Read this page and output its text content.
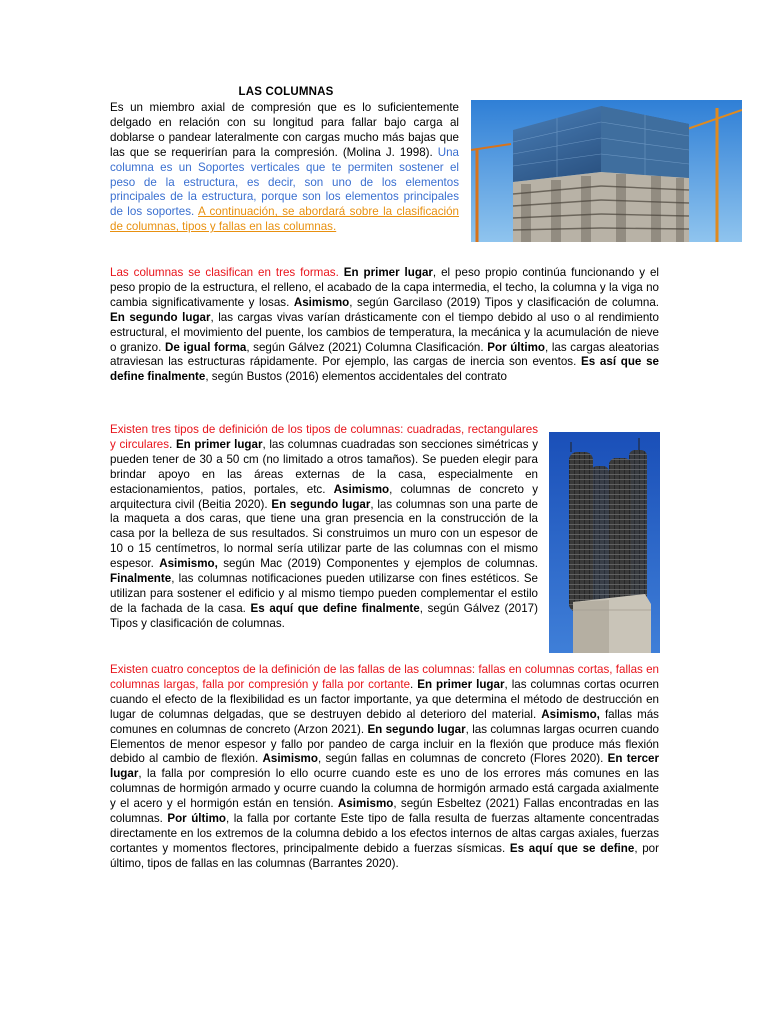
LAS COLUMNAS

Es un miembro axial de compresión que es lo suficientemente delgado en relación con su longitud para fallar bajo carga al doblarse o pandear lateralmente con cargas mucho más bajas que las que se requerirían para la compresión. (Molina J. 1998). Una columna es un Soportes verticales que te permiten sostener el peso de la estructura, es decir, son uno de los elementos principales de la estructura, porque son los elementos principales de los soportes. A continuación, se abordará sobre la clasificación de columnas, tipos y fallas en las columnas.

Las columnas se clasifican en tres formas. En primer lugar, el peso propio continúa funcionando y el peso propio de la estructura, el relleno, el acabado de la capa intermedia, el techo, la columna y la viga no cambia significativamente y losas. Asimismo, según Garcilaso (2019) Tipos y clasificación de columna. En segundo lugar, las cargas vivas varían drásticamente con el tiempo debido al uso o al rendimiento estructural, el movimiento del puente, los cambios de temperatura, la mecánica y la acumulación de nieve o granizo. De igual forma, según Gálvez (2021) Columna Clasificación. Por último, las cargas aleatorias atraviesan las estructuras rápidamente. Por ejemplo, las cargas de inercia son eventos. Es así que se define finalmente, según Bustos (2016) elementos accidentales del contrato

Existen tres tipos de definición de los tipos de columnas: cuadradas, rectangulares y circulares. En primer lugar, las columnas cuadradas son secciones simétricas y pueden tener de 30 a 50 cm (no limitado a otros tamaños). Se pueden elegir para brindar apoyo en las áreas externas de la casa, especialmente en estacionamientos, patios, portales, etc. Asimismo, columnas de concreto y arquitectura civil (Beitia 2020). En segundo lugar, las columnas son una parte de la maqueta a dos caras, que tiene una gran presencia en la construcción de la casa por la belleza de sus resultados. Si construimos un muro con un espesor de 10 o 15 centímetros, lo normal sería utilizar parte de las columnas con el mismo espesor. Asimismo, según Mac (2019) Componentes y ejemplos de columnas. Finalmente, las columnas notificaciones pueden utilizarse con fines estéticos. Se utilizan para sostener el edificio y al mismo tiempo pueden complementar el estilo de la fachada de la casa. Es aquí que define finalmente, según Gálvez (2017) Tipos y clasificación de columnas.

Existen cuatro conceptos de la definición de las fallas de las columnas: fallas en columnas cortas, fallas en columnas largas, falla por compresión y falla por cortante. En primer lugar, las columnas cortas ocurren cuando el efecto de la flexibilidad es un factor importante, ya que determina el método de destrucción en lugar de columnas delgadas, que se destruyen debido al deterioro del material. Asimismo, fallas más comunes en columnas de concreto (Arzon 2021). En segundo lugar, las columnas largas ocurren cuando Elementos de menor espesor y fallo por pandeo de carga incluir en la flexión que produce más flexión debido al cambio de flexión. Asimismo, según fallas en columnas de concreto (Flores 2020). En tercer lugar, la falla por compresión lo ello ocurre cuando este es uno de los errores más comunes en las columnas de hormigón armado y ocurre cuando la columna de hormigón armado está cargada axialmente y el acero y el hormigón están en tensión. Asimismo, según Esbeltez (2021) Fallas encontradas en las columnas. Por último, la falla por cortante Este tipo de falla resulta de fuerzas altamente concentradas directamente en los extremos de la columna debido a los efectos internos de altas cargas axiales, fuerzas cortantes y momentos flectores, principalmente debido a fuerzas sísmicas. Es aquí que se define, por último, tipos de fallas en las columnas (Barrantes 2020).
